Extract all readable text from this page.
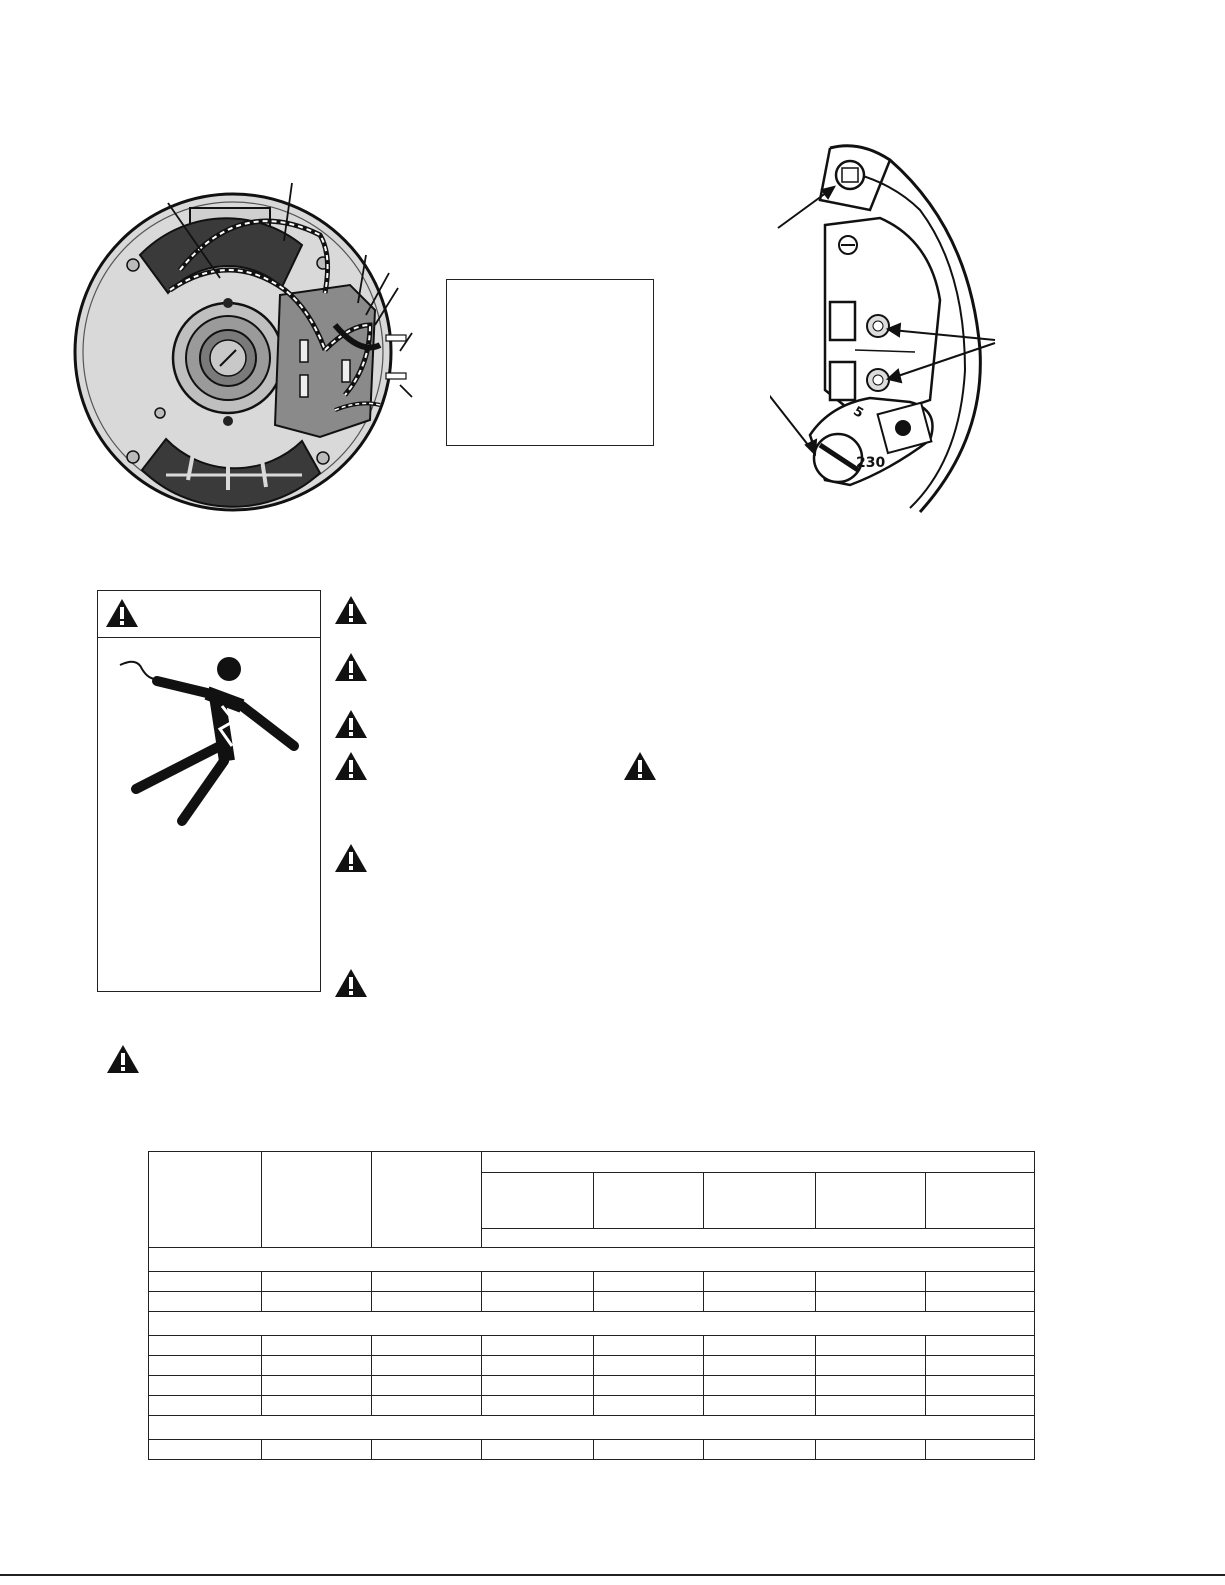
230
5
